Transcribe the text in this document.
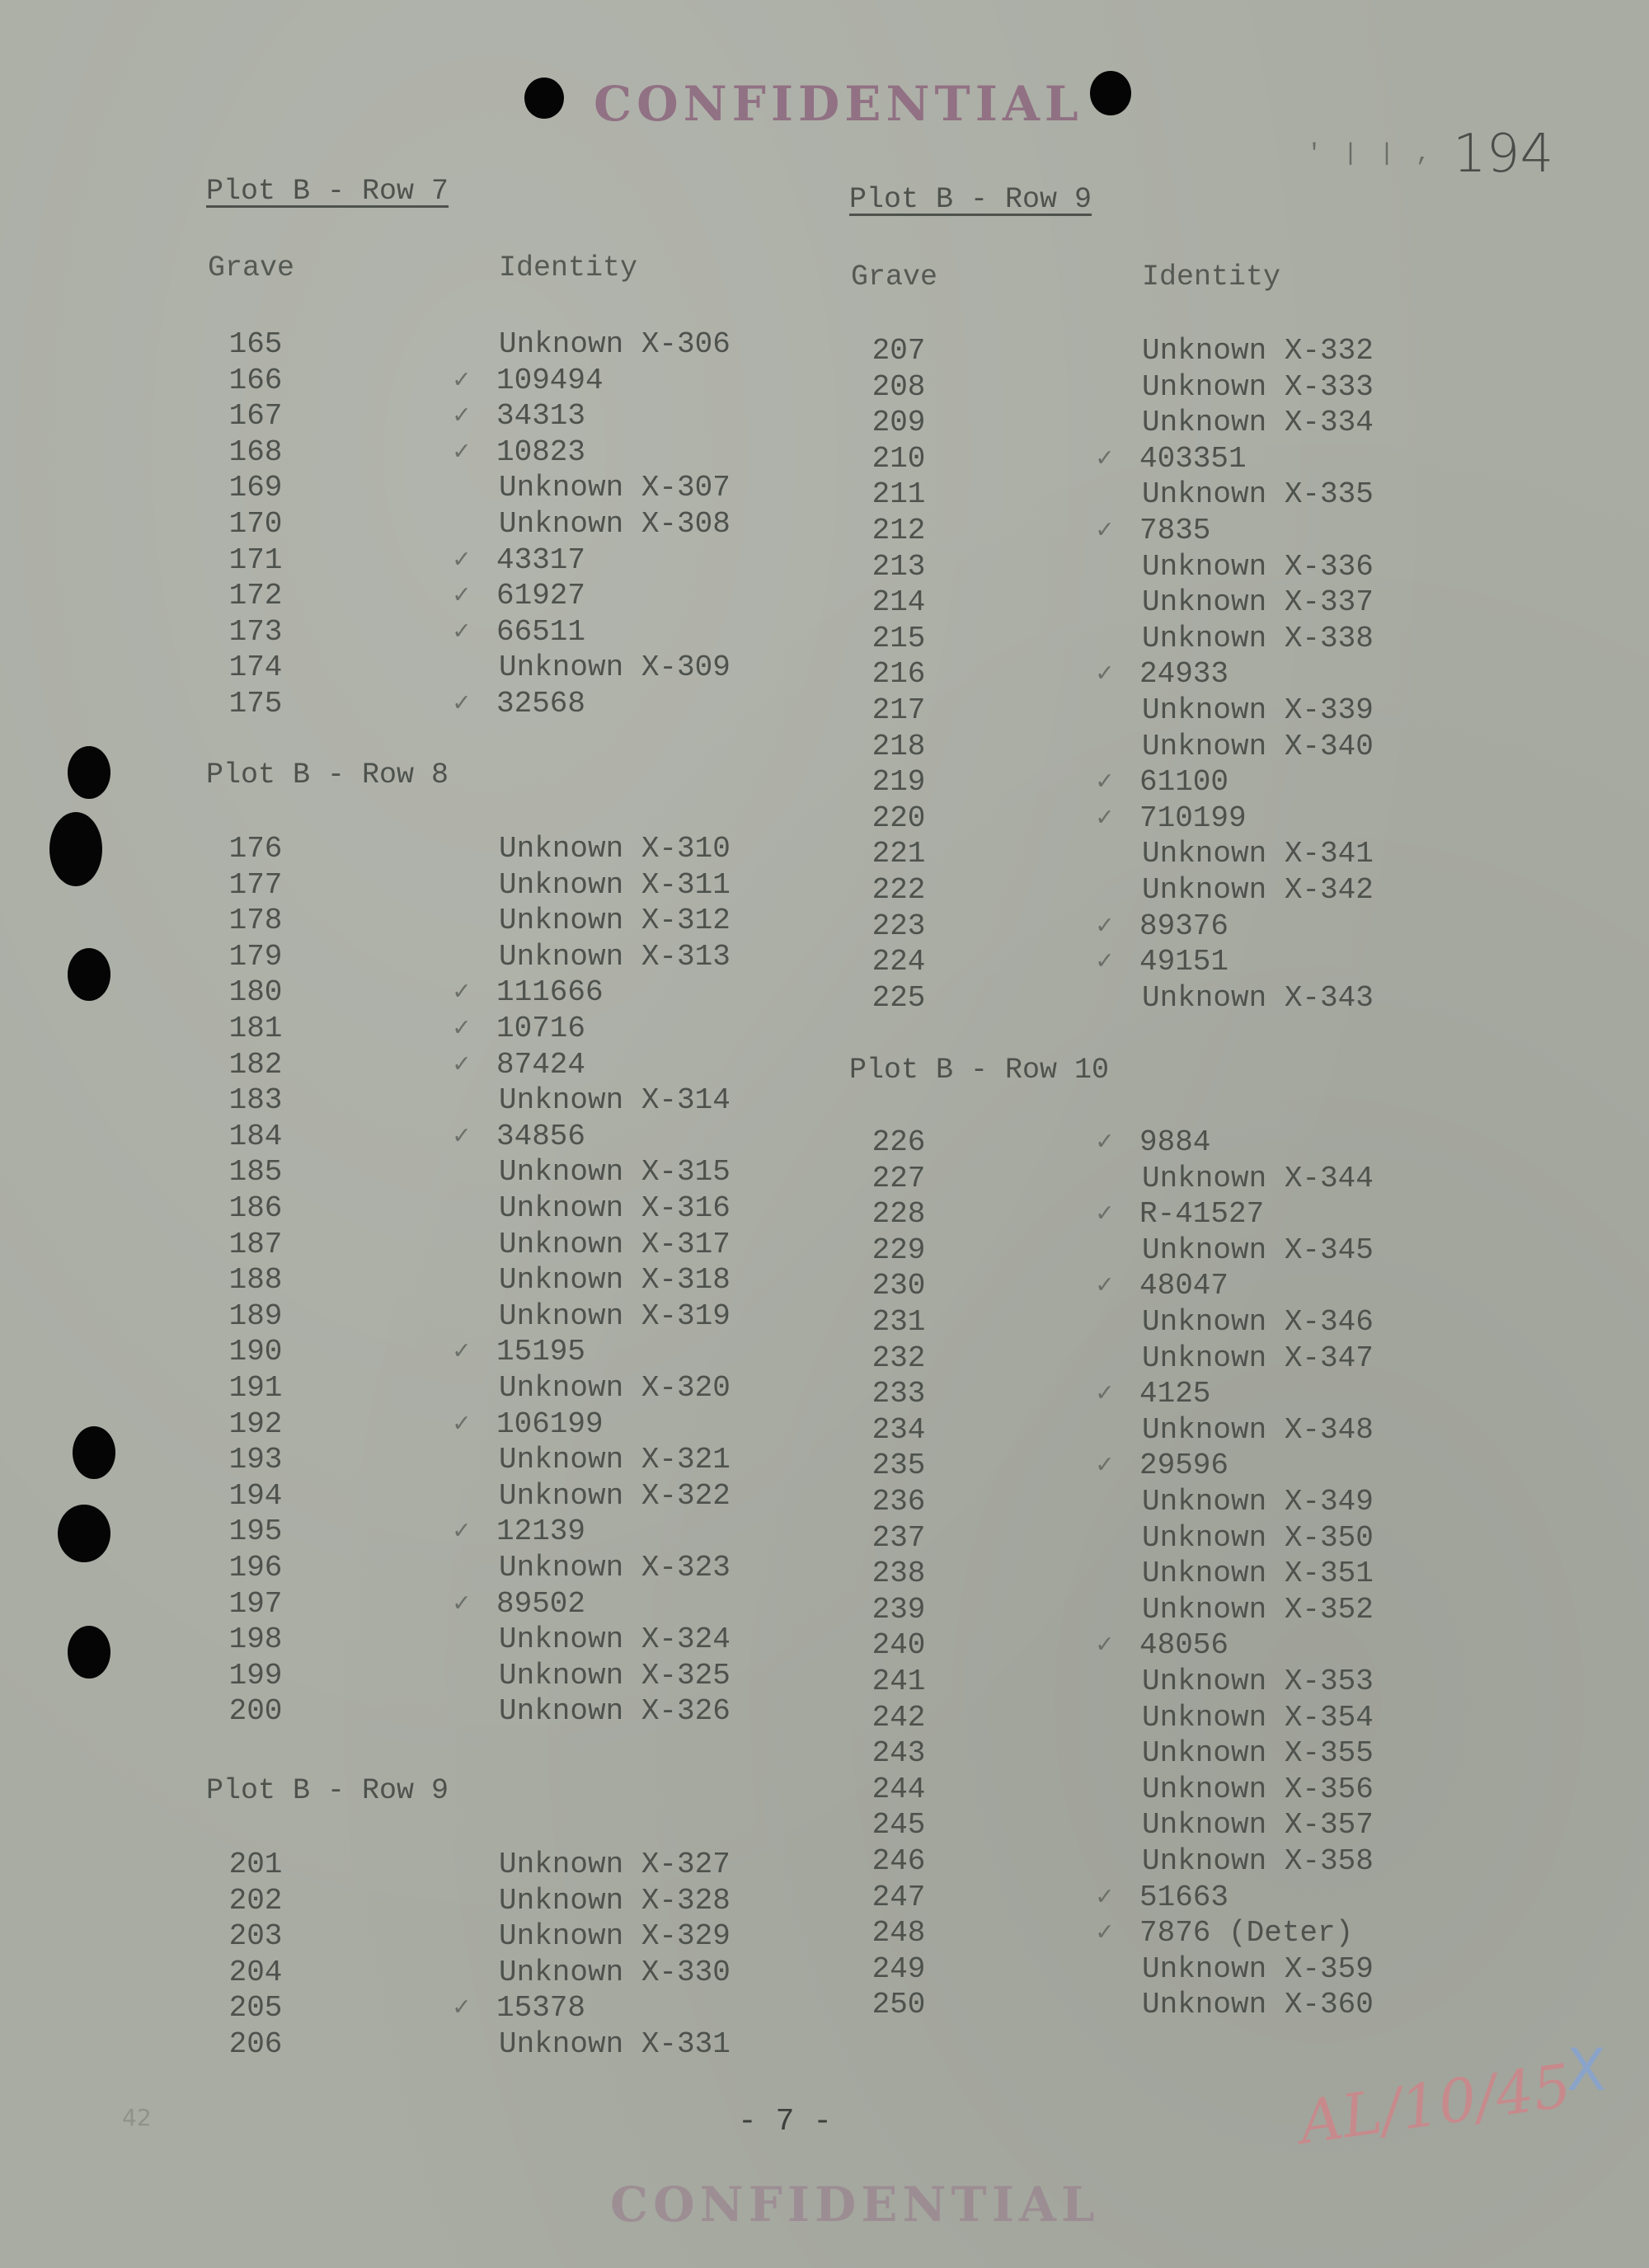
CONFIDENTIAL
' | | , 194
Plot B - Row 7
Grave	Identity
165	Unknown X-306
166	✓ 109494
167	✓ 34313
168	✓ 10823
169	Unknown X-307
170	Unknown X-308
171	✓ 43317
172	✓ 61927
173	✓ 66511
174	Unknown X-309
175	✓ 32568
Plot B - Row 8
176	Unknown X-310
177	Unknown X-311
178	Unknown X-312
179	Unknown X-313
180	✓ 111666
181	✓ 10716
182	✓ 87424
183	Unknown X-314
184	✓ 34856
185	Unknown X-315
186	Unknown X-316
187	Unknown X-317
188	Unknown X-318
189	Unknown X-319
190	✓ 15195
191	Unknown X-320
192	✓ 106199
193	Unknown X-321
194	Unknown X-322
195	✓ 12139
196	Unknown X-323
197	✓ 89502
198	Unknown X-324
199	Unknown X-325
200	Unknown X-326
Plot B - Row 9
201	Unknown X-327
202	Unknown X-328
203	Unknown X-329
204	Unknown X-330
205	✓ 15378
206	Unknown X-331
Plot B - Row 9
Grave	Identity
207	Unknown X-332
208	Unknown X-333
209	Unknown X-334
210	✓ 403351
211	Unknown X-335
212	✓ 7835
213	Unknown X-336
214	Unknown X-337
215	Unknown X-338
216	✓ 24933
217	Unknown X-339
218	Unknown X-340
219	✓ 61100
220	✓ 710199
221	Unknown X-341
222	Unknown X-342
223	✓ 89376
224	✓ 49151
225	Unknown X-343
Plot B - Row 10
226	✓ 9884
227	Unknown X-344
228	✓ R-41527
229	Unknown X-345
230	✓ 48047
231	Unknown X-346
232	Unknown X-347
233	✓ 4125
234	Unknown X-348
235	✓ 29596
236	Unknown X-349
237	Unknown X-350
238	Unknown X-351
239	Unknown X-352
240	✓ 48056
241	Unknown X-353
242	Unknown X-354
243	Unknown X-355
244	Unknown X-356
245	Unknown X-357
246	Unknown X-358
247	✓ 51663
248	✓ 7876 (Deter)
249	Unknown X-359
250	Unknown X-360
42	- 7 -	AL/10/45
X
CONFIDENTIAL
